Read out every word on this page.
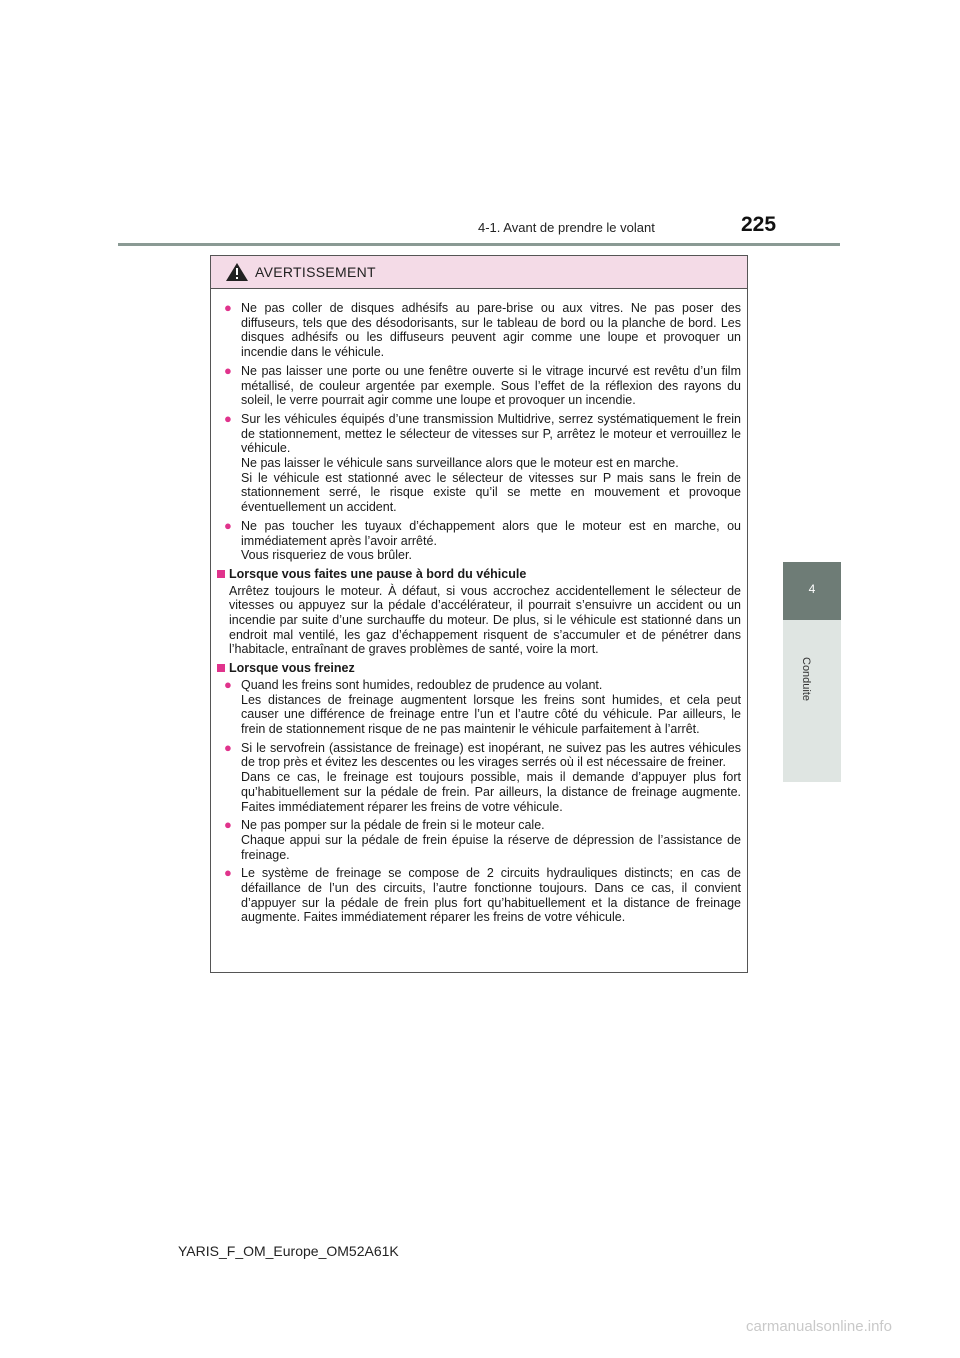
4-1. Avant de prendre le volant	225
4
Conduite
AVERTISSEMENT
● Ne pas coller de disques adhésifs au pare-brise ou aux vitres. Ne pas poser des diffuseurs, tels que des désodorisants, sur le tableau de bord ou la planche de bord. Les disques adhésifs ou les diffuseurs peuvent agir comme une loupe et provoquer un incendie dans le véhicule.

● Ne pas laisser une porte ou une fenêtre ouverte si le vitrage incurvé est revêtu d’un film métallisé, de couleur argentée par exemple. Sous l’effet de la réflexion des rayons du soleil, le verre pourrait agir comme une loupe et provoquer un incendie.

● Sur les véhicules équipés d’une transmission Multidrive, serrez systématiquement le frein de stationnement, mettez le sélecteur de vitesses sur P, arrêtez le moteur et verrouillez le véhicule.

Ne pas laisser le véhicule sans surveillance alors que le moteur est en marche.

Si le véhicule est stationné avec le sélecteur de vitesses sur P mais sans le frein de stationnement serré, le risque existe qu’il se mette en mouvement et provoque éventuellement un accident.

● Ne pas toucher les tuyaux d’échappement alors que le moteur est en marche, ou immédiatement après l’avoir arrêté.

Vous risqueriez de vous brûler.

Lorsque vous faites une pause à bord du véhicule

Arrêtez toujours le moteur. À défaut, si vous accrochez accidentellement le sélecteur de vitesses ou appuyez sur la pédale d’accélérateur, il pourrait s’ensuivre un accident ou un incendie par suite d’une surchauffe du moteur. De plus, si le véhicule est stationné dans un endroit mal ventilé, les gaz d’échappement risquent de s’accumuler et de pénétrer dans l’habitacle, entraînant de graves problèmes de santé, voire la mort.

Lorsque vous freinez
● Quand les freins sont humides, redoublez de prudence au volant.

Les distances de freinage augmentent lorsque les freins sont humides, et cela peut causer une différence de freinage entre l’un et l’autre côté du véhicule. Par ailleurs, le frein de stationnement risque de ne pas maintenir le véhicule parfaitement à l’arrêt.

● Si le servofrein (assistance de freinage) est inopérant, ne suivez pas les autres véhicules de trop près et évitez les descentes ou les virages serrés où il est nécessaire de freiner.

Dans ce cas, le freinage est toujours possible, mais il demande d’appuyer plus fort qu’habituellement sur la pédale de frein. Par ailleurs, la distance de freinage augmente. Faites immédiatement réparer les freins de votre véhicule.

● Ne pas pomper sur la pédale de frein si le moteur cale.

Chaque appui sur la pédale de frein épuise la réserve de dépression de l’assistance de freinage.

● Le système de freinage se compose de 2 circuits hydrauliques distincts; en cas de défaillance de l’un des circuits, l’autre fonctionne toujours. Dans ce cas, il convient d’appuyer sur la pédale de frein plus fort qu’habituellement et la distance de freinage augmente. Faites immédiatement réparer les freins de votre véhicule.

YARIS_F_OM_Europe_OM52A61K
carmanualsonline.info
